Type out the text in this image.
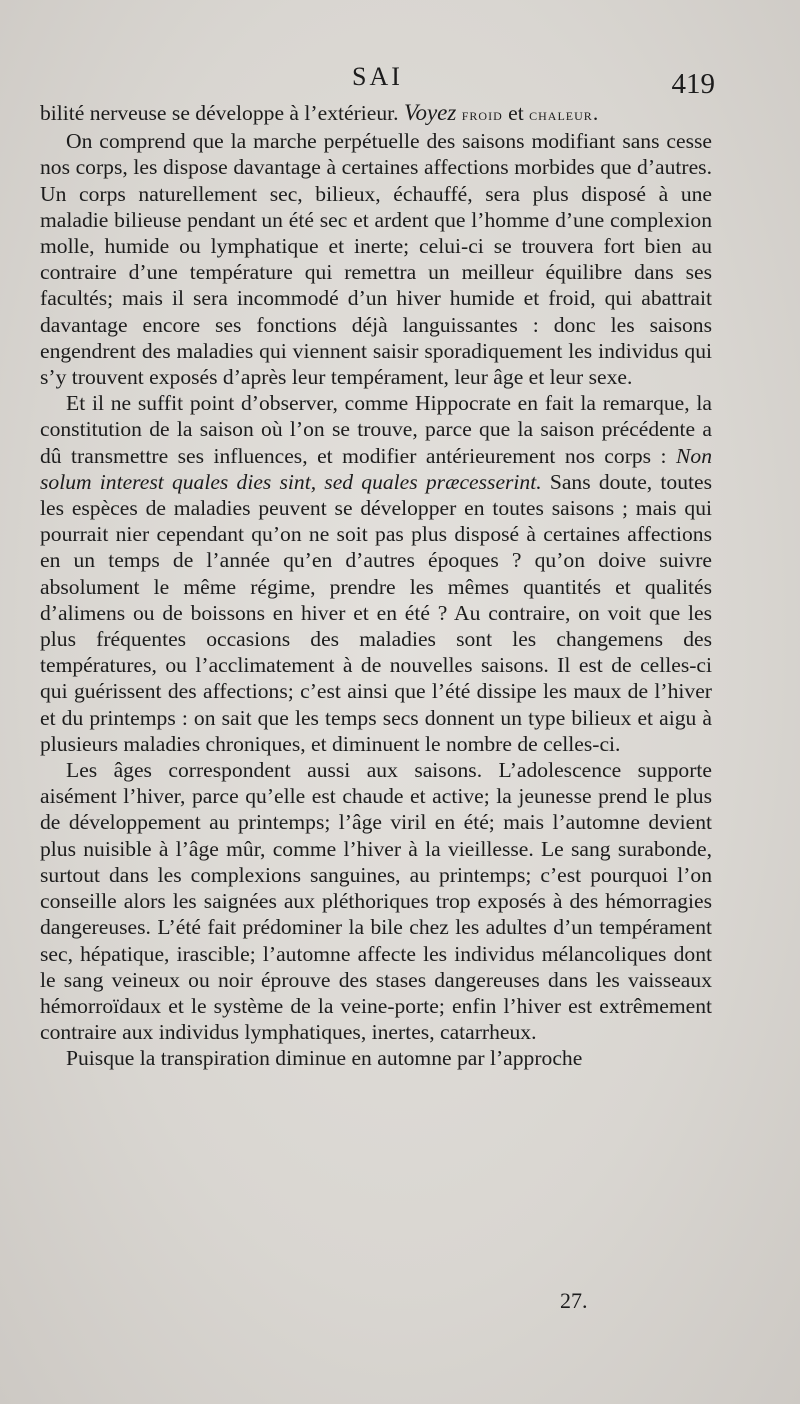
SAI	419

bilité nerveuse se développe à l’extérieur. Voyez froid et chaleur.

On comprend que la marche perpétuelle des saisons modifiant sans cesse nos corps, les dispose davantage à certaines affections morbides que d’autres. Un corps naturellement sec, bilieux, échauffé, sera plus disposé à une maladie bilieuse pendant un été sec et ardent que l’homme d’une complexion molle, humide ou lymphatique et inerte; celui-ci se trouvera fort bien au contraire d’une température qui remettra un meilleur équilibre dans ses facultés; mais il sera incommodé d’un hiver humide et froid, qui abattrait davantage encore ses fonctions déjà languissantes : donc les saisons engendrent des maladies qui viennent saisir sporadiquement les individus qui s’y trouvent exposés d’après leur tempérament, leur âge et leur sexe.

Et il ne suffit point d’observer, comme Hippocrate en fait la remarque, la constitution de la saison où l’on se trouve, parce que la saison précédente a dû transmettre ses influences, et modifier antérieurement nos corps : Non solum interest quales dies sint, sed quales præcesserint. Sans doute, toutes les espèces de maladies peuvent se développer en toutes saisons ; mais qui pourrait nier cependant qu’on ne soit pas plus disposé à certaines affections en un temps de l’année qu’en d’autres époques ? qu’on doive suivre absolument le même régime, prendre les mêmes quantités et qualités d’alimens ou de boissons en hiver et en été ? Au contraire, on voit que les plus fréquentes occasions des maladies sont les changemens des températures, ou l’acclimatement à de nouvelles saisons. Il est de celles-ci qui guérissent des affections; c’est ainsi que l’été dissipe les maux de l’hiver et du printemps : on sait que les temps secs donnent un type bilieux et aigu à plusieurs maladies chroniques, et diminuent le nombre de celles-ci.

Les âges correspondent aussi aux saisons. L’adolescence supporte aisément l’hiver, parce qu’elle est chaude et active; la jeunesse prend le plus de développement au printemps; l’âge viril en été; mais l’automne devient plus nuisible à l’âge mûr, comme l’hiver à la vieillesse. Le sang surabonde, surtout dans les complexions sanguines, au printemps; c’est pourquoi l’on conseille alors les saignées aux pléthoriques trop exposés à des hémorragies dangereuses. L’été fait prédominer la bile chez les adultes d’un tempérament sec, hépatique, irascible; l’automne affecte les individus mélancoliques dont le sang veineux ou noir éprouve des stases dangereuses dans les vaisseaux hémorroïdaux et le système de la veine-porte; enfin l’hiver est extrêmement contraire aux individus lymphatiques, inertes, catarrheux.

Puisque la transpiration diminue en automne par l’approche

27.
